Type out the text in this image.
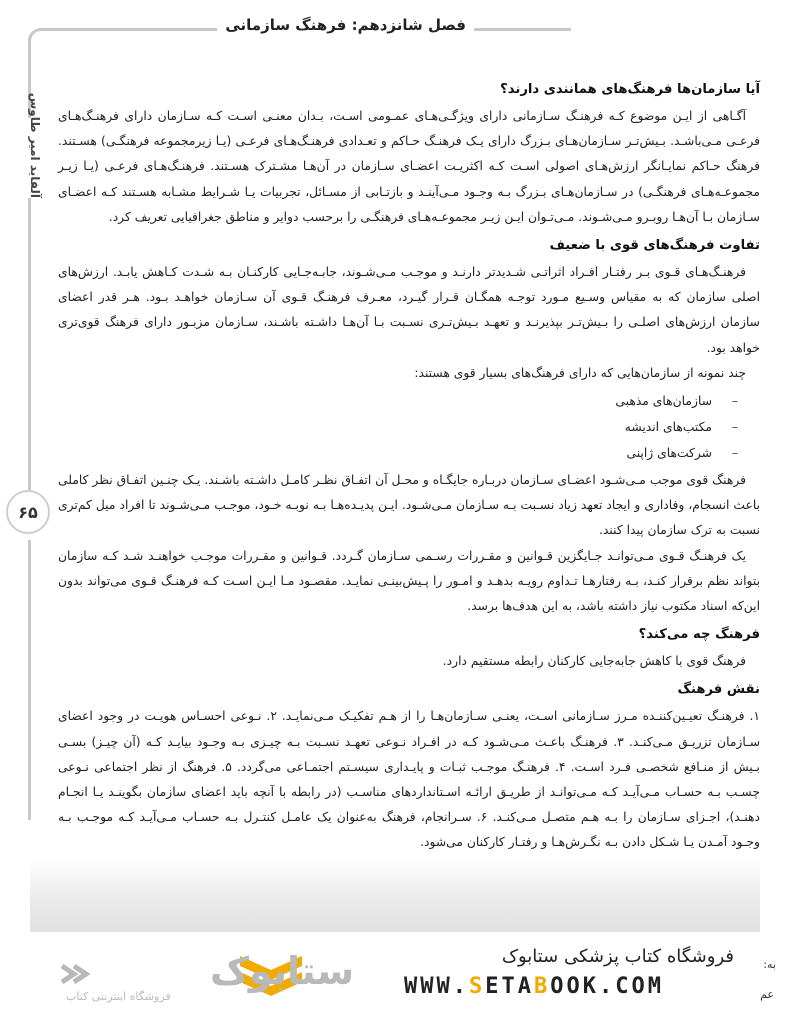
فصل شانزدهم: فرهنگ سازمانی
آلفاید امیر طاوس
۶۵
آیا سازمان‌ها فرهنگ‌های همانندی دارند؟

آگـاهی از ایـن موضوع کـه فرهنـگ سـازمانی دارای ویژگـی‌هـای عمـومی اسـت، بـدان معنـی اسـت کـه سـازمان دارای فرهنـگ‌هـای فرعـی مـی‌باشـد. بـیش‌تـر سـازمان‌هـای بـزرگ دارای یـک فرهنـگ حـاکم و تعـدادی فرهنـگ‌هـای فرعـی (یـا زیرمجموعه فرهنگـی) هسـتند. فرهنگ حـاکم نمایـانگر ارزش‌هـای اصولی اسـت کـه اکثریـت اعضـای سـازمان در آن‌هـا مشـترک هسـتند. فرهنـگ‌هـای فرعـی (یـا زیـر مجموعـه‌هـای فرهنگـی) در سـازمان‌هـای بـزرگ بـه وجـود مـی‌آینـد و بازتـابی از مسـائل، تجربیات یـا شـرایط مشـابه هسـتند کـه اعضـای سـازمان بـا آن‌هـا روبـرو مـی‌شـوند. مـی‌تـوان ایـن زیـر مجموعـه‌هـای فرهنگـی را برحسب دوایر و مناطق جغرافیایی تعریف کرد.

تفاوت فرهنگ‌های قوی با ضعیف

فرهنـگ‌هـای قـوی بـر رفتـار افـراد اثراتـی شـدیدتر دارنـد و موجـب مـی‌شـوند، جابـه‌جـایی کارکنـان بـه شـدت کـاهش یابـد. ارزش‌های اصلی سازمان که به مقیاس وسـیع مـورد توجـه همگـان قـرار گیـرد، معـرف فرهنـگ قـوی آن سـازمان خواهـد بـود. هـر قدر اعضای سازمان ارزش‌های اصلـی را بـیش‌تـر بپذیرنـد و تعهـد بـیش‌تـری نسـبت بـا آن‌هـا داشـته باشـند، سـازمان مزبـور دارای فرهنگ قوی‌تری خواهد بود.

چند نمونه از سازمان‌هایی که دارای فرهنگ‌های بسیار قوی هستند:

– سازمان‌های مذهبی
– مکتب‌های اندیشه
– شرکت‌های ژاپنی

فرهنگ قوی موجب مـی‌شـود اعضـای سـازمان دربـاره جایگـاه و محـل آن اتفـاق نظـر کامـل داشـته باشـند. یـک چنـین اتفـاق نظر کاملی باعث انسجام، وفاداری و ایجاد تعهد زیاد نسـبت بـه سـازمان مـی‌شـود. ایـن پدیـده‌هـا بـه نوبـه خـود، موجـب مـی‌شـوند تا افراد میل کم‌تری نسبت به ترک سازمان پیدا کنند.

یک فرهنـگ قـوی مـی‌توانـد جـایگزین قـوانین و مقـررات رسـمی سـازمان گـردد. قـوانین و مقـررات موجـب خواهنـد شـد کـه سازمان بتواند نظم برقرار کنـد، بـه رفتارهـا تـداوم رویـه بدهـد و امـور را پـیش‌بینـی نمایـد. مقصـود مـا ایـن اسـت کـه فرهنـگ قـوی می‌تواند بدون این‌که اسناد مکتوب نیاز داشته باشد، به این هدف‌ها برسد.

فرهنگ چه می‌کند؟

فرهنگ قوی با کاهش جابه‌جایی کارکنان رابطه مستقیم دارد.

نقش فرهنگ

۱. فرهنـگ تعیـین‌کننـده مـرز سـازمانی اسـت، یعنـی سـازمان‌هـا را از هـم تفکیـک مـی‌نمایـد. ۲. نـوعی احسـاس هویـت در وجود اعضای سـازمان تزریـق مـی‌کنـد. ۳. فرهنـگ باعـث مـی‌شـود کـه در افـراد نـوعی تعهـد نسـبت بـه چیـزی بـه وجـود بیایـد کـه (آن چیـز) بسـی بـیش از منـافع شخصـی فـرد اسـت. ۴. فرهنـگ موجـب ثبـات و پایـداری سیسـتم اجتمـاعی می‌گردد. ۵. فرهنگ از نظر اجتماعی نـوعی چسـب بـه حسـاب مـی‌آیـد کـه مـی‌توانـد از طریـق ارائـه اسـتانداردهای مناسـب (در رابطه با آنچه باید اعضای سازمان بگوینـد یـا انجـام دهنـد)، اجـزای سـازمان را بـه هـم متصـل مـی‌کنـد. ۶. سـرانجام، فرهنگ به‌عنوان یک عامـل کنتـرل بـه حسـاب مـی‌آیـد کـه موجـب بـه وجـود آمـدن یـا شـکل دادن بـه نگـرش‌هـا و رفتـار کارکنان می‌شود.

فروشگاه کتاب پزشکی ستابوک
WWW.SETABOOK.COM
ستابوک
فروشگاه اینترنتی کتاب
به:
عم
